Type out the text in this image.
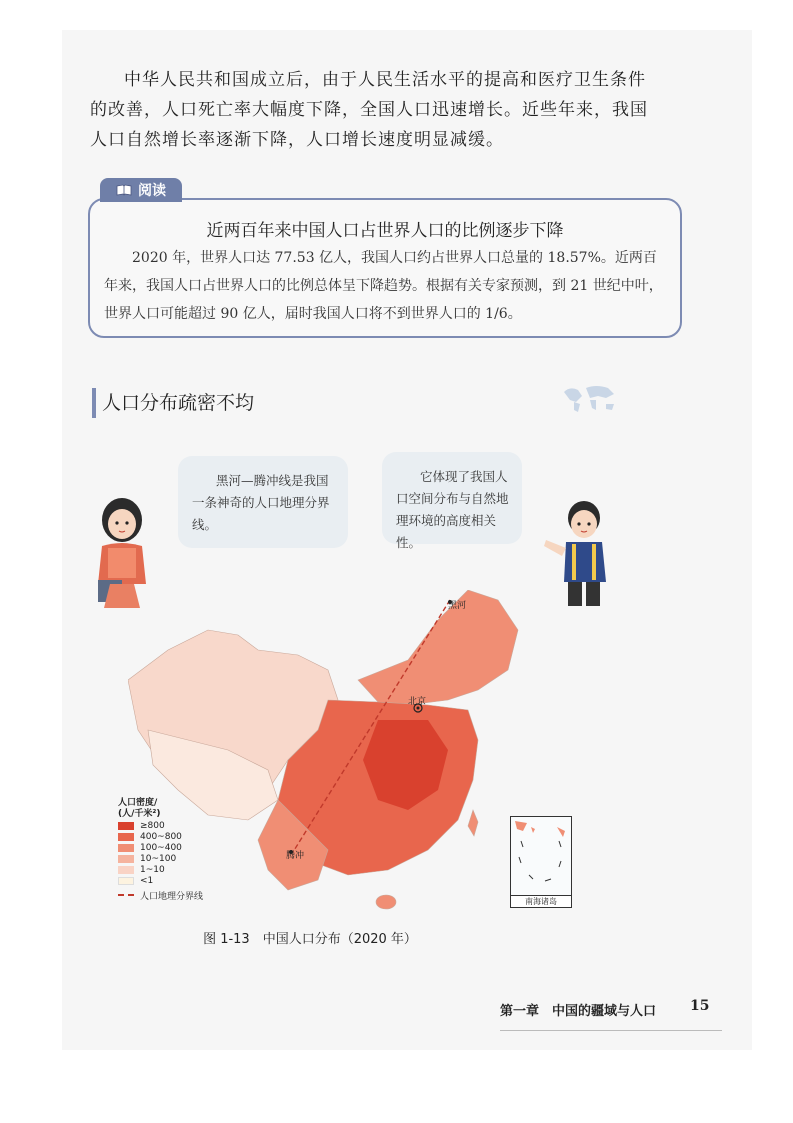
中华人民共和国成立后，由于人民生活水平的提高和医疗卫生条件的改善，人口死亡率大幅度下降，全国人口迅速增长。近些年来，我国人口自然增长率逐渐下降，人口增长速度明显减缓。

近两百年来中国人口占世界人口的比例逐步下降

2020 年，世界人口达 77.53 亿人，我国人口约占世界人口总量的 18.57%。近两百年来，我国人口占世界人口的比例总体呈下降趋势。根据有关专家预测，到 21 世纪中叶，世界人口可能超过 90 亿人，届时我国人口将不到世界人口的 1/6。

阅读
人口分布疏密不均

黑河—腾冲线是我国一条神奇的人口地理分界线。

它体现了我国人口空间分布与自然地理环境的高度相关性。

黑河
北京
腾冲
人口密度/
(人/千米²)
≥800
400~800
100~400
10~100
1~10
<1
人口地理分界线	南海诸岛
图 1-13　中国人口分布（2020 年）
第一章　中国的疆域与人口 15
